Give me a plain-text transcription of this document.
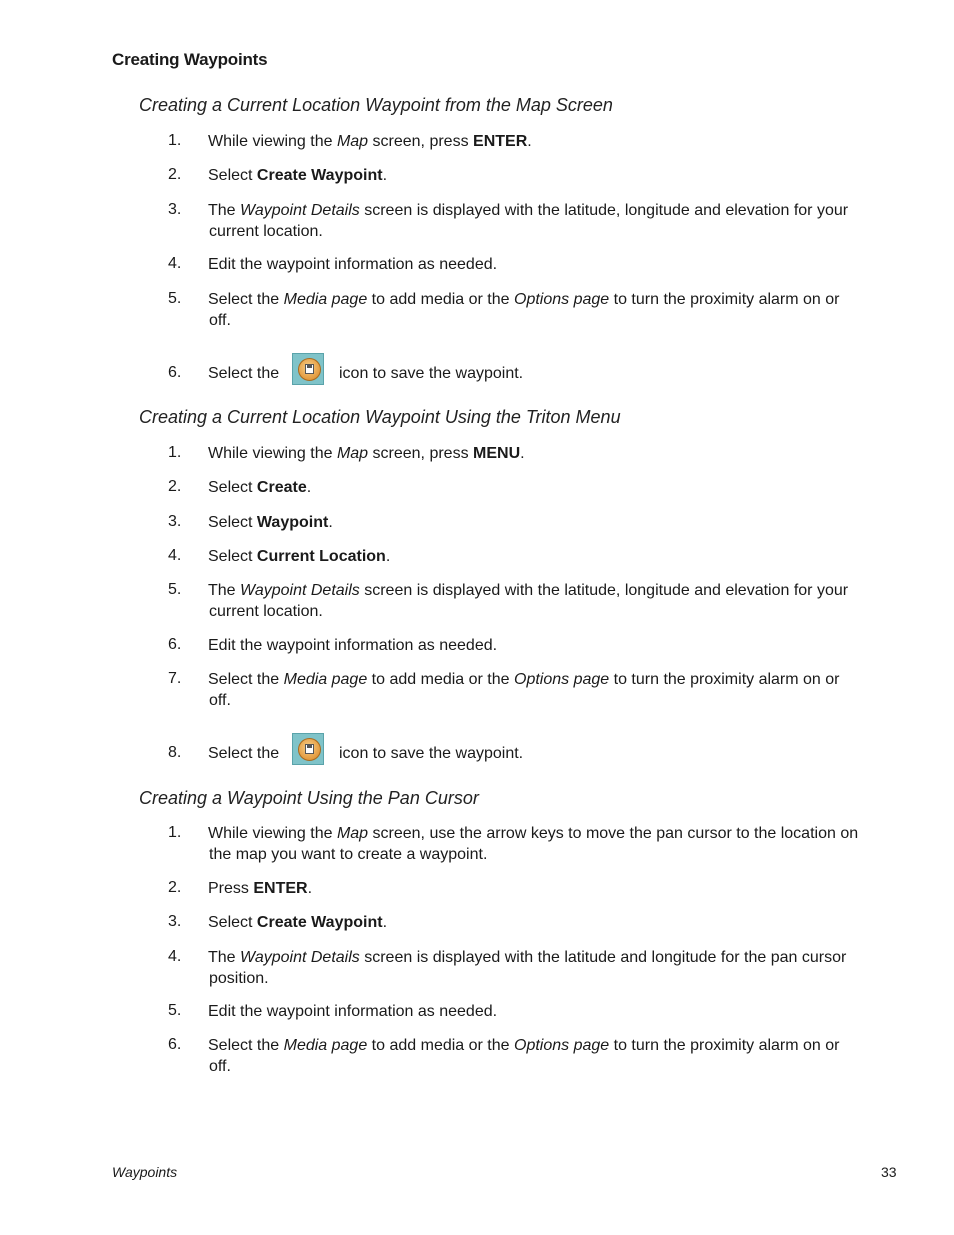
Creating Waypoints
Creating a Current Location Waypoint from the Map Screen
1. While viewing the Map screen, press ENTER.
2. Select Create Waypoint.
3. The Waypoint Details screen is displayed with the latitude, longitude and elevation for your
current location.
4. Edit the waypoint information as needed.
5. Select the Media page to add media or the Options page to turn the proximity alarm on or
off.
6. Select the	icon to save the waypoint.
Creating a Current Location Waypoint Using the Triton Menu
1. While viewing the Map screen, press MENU.
2. Select Create.
3. Select Waypoint.
4. Select Current Location.
5. The Waypoint Details screen is displayed with the latitude, longitude and elevation for your
current location.
6. Edit the waypoint information as needed.
7. Select the Media page to add media or the Options page to turn the proximity alarm on or
off.
8. Select the	icon to save the waypoint.
Creating a Waypoint Using the Pan Cursor
1. While viewing the Map screen, use the arrow keys to move the pan cursor to the location on
the map you want to create a waypoint.
2. Press ENTER.
3. Select Create Waypoint.
4. The Waypoint Details screen is displayed with the latitude and longitude for the pan cursor
position.
5. Edit the waypoint information as needed.
6. Select the Media page to add media or the Options page to turn the proximity alarm on or
off.
Waypoints	33
